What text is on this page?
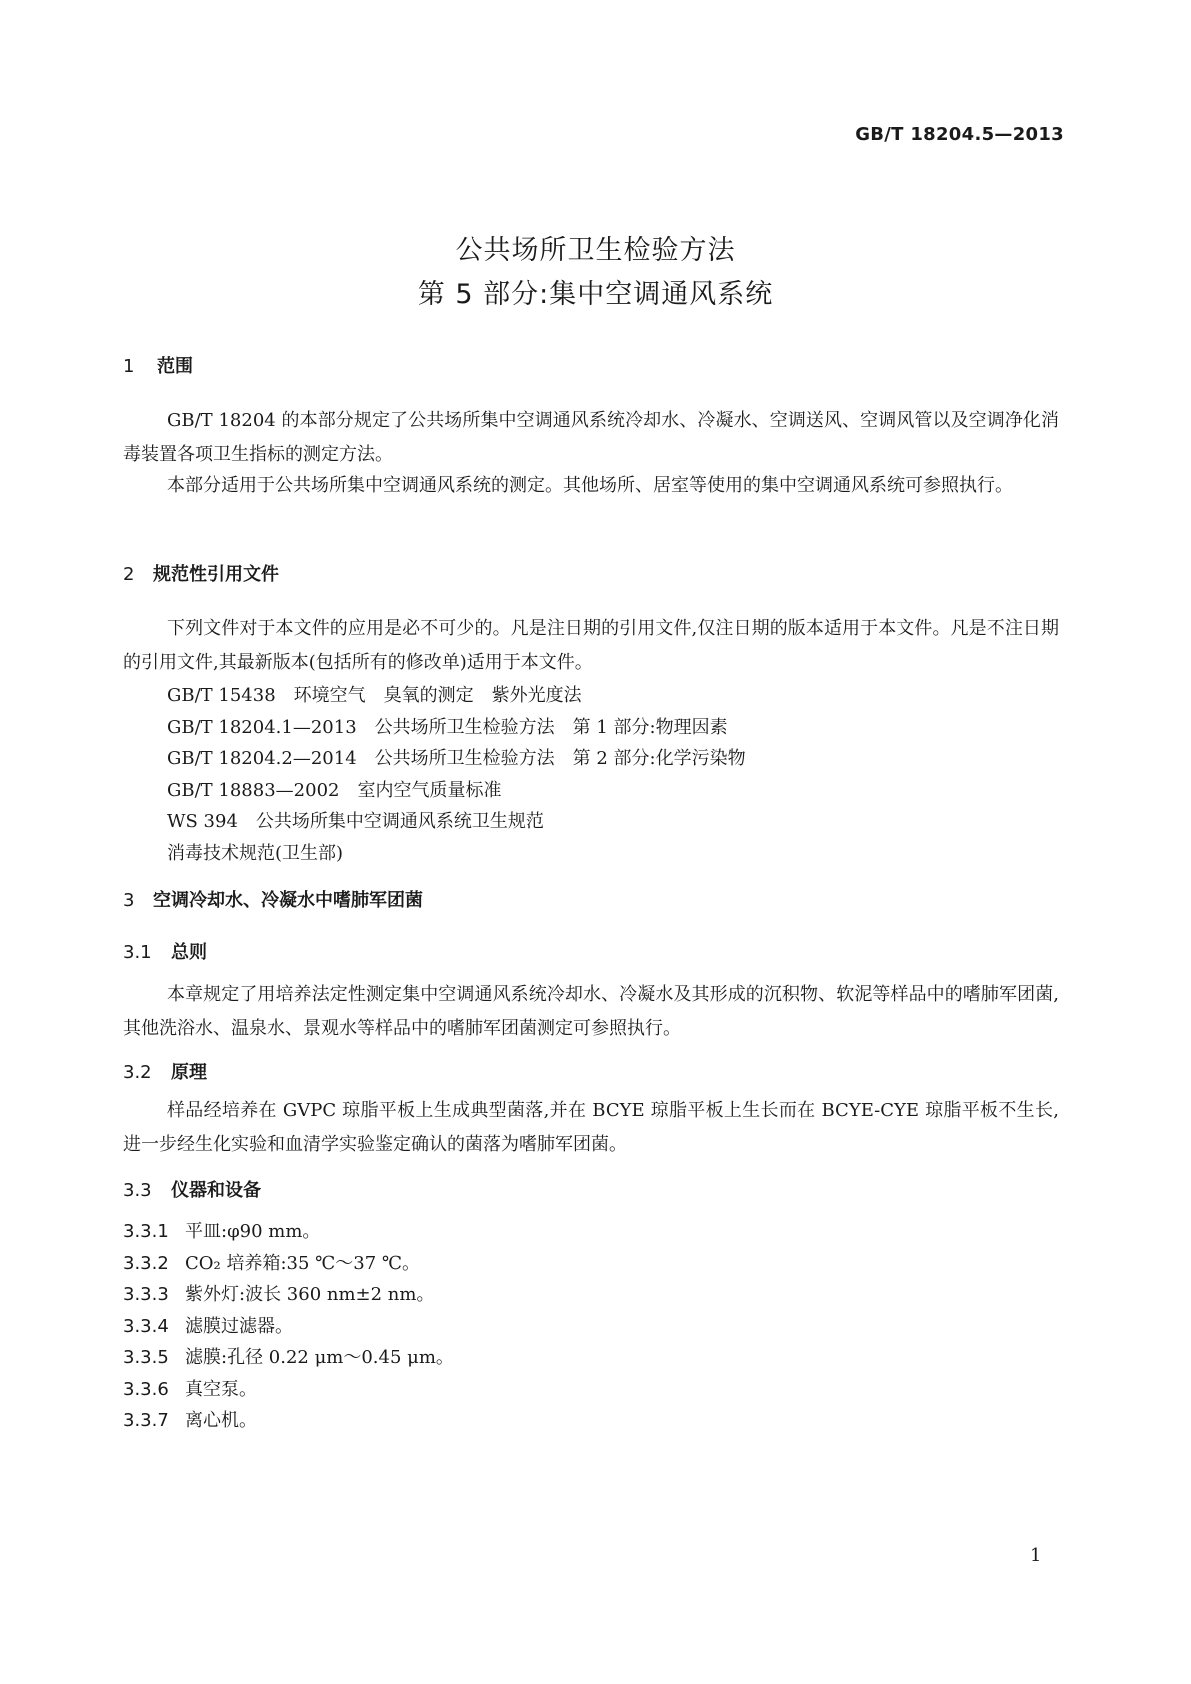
GB/T 18204.5—2013
公共场所卫生检验方法
第 5 部分:集中空调通风系统
1 范围
GB/T 18204 的本部分规定了公共场所集中空调通风系统冷却水、冷凝水、空调送风、空调风管以及空调净化消毒装置各项卫生指标的测定方法。
本部分适用于公共场所集中空调通风系统的测定。其他场所、居室等使用的集中空调通风系统可参照执行。
2 规范性引用文件
下列文件对于本文件的应用是必不可少的。凡是注日期的引用文件,仅注日期的版本适用于本文件。凡是不注日期的引用文件,其最新版本(包括所有的修改单)适用于本文件。
GB/T 15438 环境空气　臭氧的测定　紫外光度法
GB/T 18204.1—2013 公共场所卫生检验方法　第 1 部分:物理因素
GB/T 18204.2—2014 公共场所卫生检验方法　第 2 部分:化学污染物
GB/T 18883—2002 室内空气质量标准
WS 394 公共场所集中空调通风系统卫生规范
消毒技术规范(卫生部)
3 空调冷却水、冷凝水中嗜肺军团菌
3.1 总则
本章规定了用培养法定性测定集中空调通风系统冷却水、冷凝水及其形成的沉积物、软泥等样品中的嗜肺军团菌,其他洗浴水、温泉水、景观水等样品中的嗜肺军团菌测定可参照执行。
3.2 原理
样品经培养在 GVPC 琼脂平板上生成典型菌落,并在 BCYE 琼脂平板上生长而在 BCYE-CYE 琼脂平板不生长,进一步经生化实验和血清学实验鉴定确认的菌落为嗜肺军团菌。
3.3 仪器和设备
3.3.1 平皿:φ90 mm。
3.3.2 CO₂ 培养箱:35 ℃～37 ℃。
3.3.3 紫外灯:波长 360 nm±2 nm。
3.3.4 滤膜过滤器。
3.3.5 滤膜:孔径 0.22 μm～0.45 μm。
3.3.6 真空泵。
3.3.7 离心机。
1
